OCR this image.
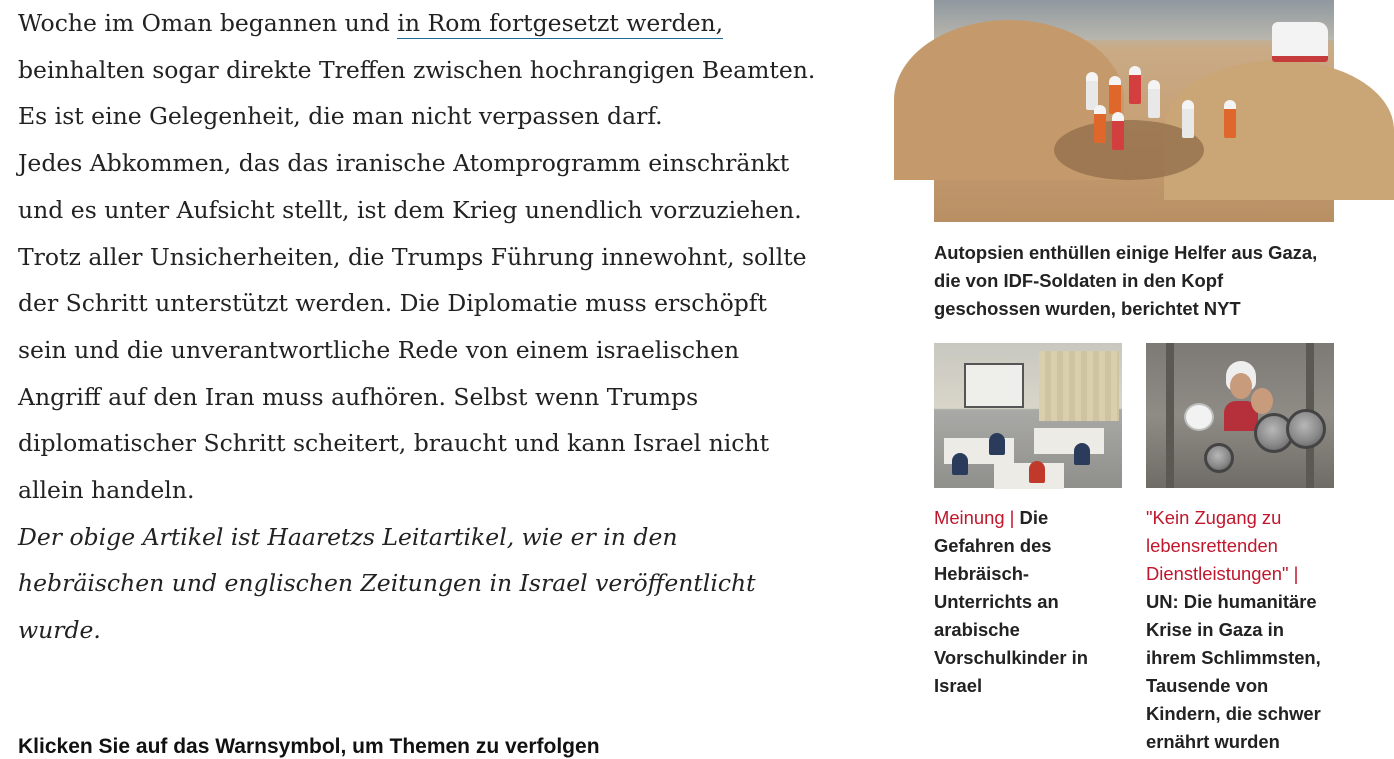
Woche im Oman begannen und in Rom fortgesetzt werden, beinhalten sogar direkte Treffen zwischen hochrangigen Beamten. Es ist eine Gelegenheit, die man nicht verpassen darf.

Jedes Abkommen, das das iranische Atomprogramm einschränkt und es unter Aufsicht stellt, ist dem Krieg unendlich vorzuziehen. Trotz aller Unsicherheiten, die Trumps Führung innewohnt, sollte der Schritt unterstützt werden. Die Diplomatie muss erschöpft sein und die unverantwortliche Rede von einem israelischen Angriff auf den Iran muss aufhören. Selbst wenn Trumps diplomatischer Schritt scheitert, braucht und kann Israel nicht allein handeln.

Der obige Artikel ist Haaretzs Leitartikel, wie er in den hebräischen und englischen Zeitungen in Israel veröffentlicht wurde.

Klicken Sie auf das Warnsymbol, um Themen zu verfolgen
Autopsien enthüllen einige Helfer aus Gaza, die von IDF-Soldaten in den Kopf geschossen wurden, berichtet NYT
Meinung | Die Gefahren des Hebräisch-Unterrichts an arabische Vorschulkinder in Israel
"Kein Zugang zu lebensrettenden Dienstleistungen" | UN: Die humanitäre Krise in Gaza in ihrem Schlimmsten, Tausende von Kindern, die schwer ernährt wurden
